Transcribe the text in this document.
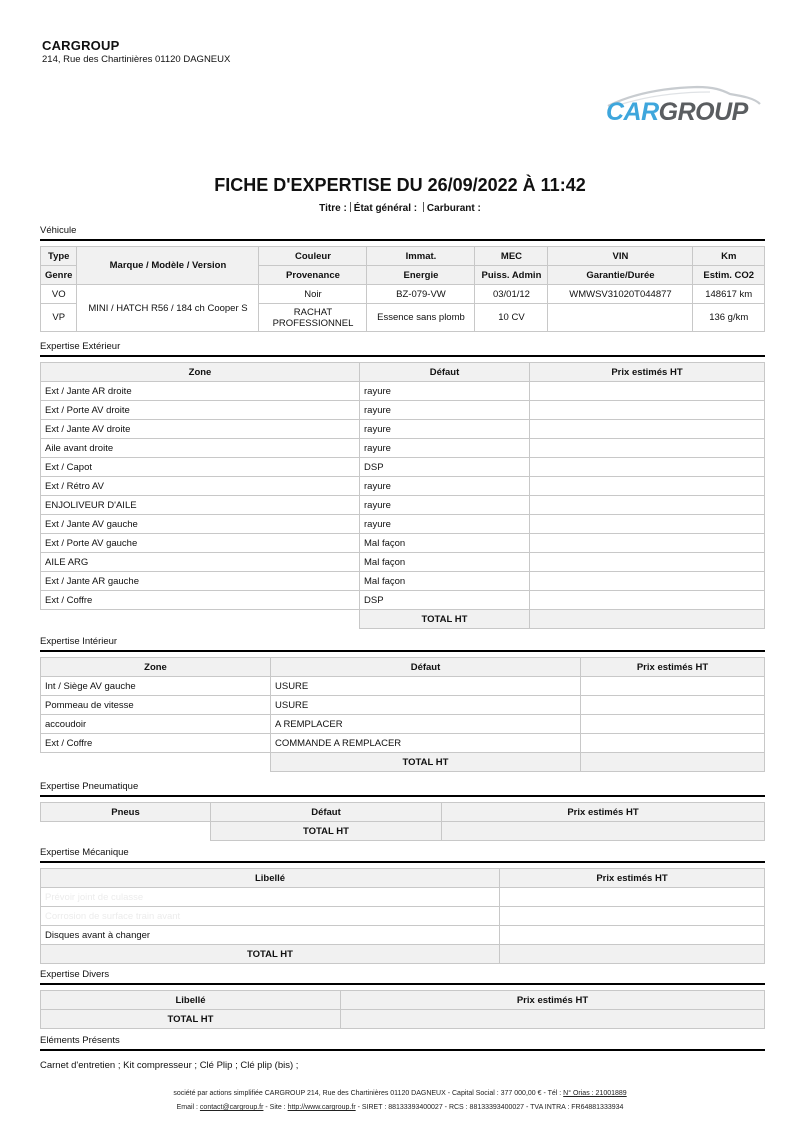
CARGROUP
214, Rue des Chartinières 01120 DAGNEUX
CARGROUP
FICHE D'EXPERTISE DU 26/09/2022 À 11:42
Titre : État général : Carburant :
Véhicule
Type	Marque / Modèle / Version	Couleur	Immat.	MEC	VIN	Km
Genre		Provenance	Energie	Puiss. Admin	Garantie/Durée	Estim. CO2
VO	MINI / HATCH R56 / 184 ch Cooper S	Noir	BZ-079-VW	03/01/12	WMWSV31020T044877	148617 km
VP		RACHAT PROFESSIONNEL	Essence sans plomb	10 CV		136 g/km
Expertise Extérieur
Zone	Défaut	Prix estimés HT
Ext / Jante AR droite	rayure	
Ext / Porte AV droite	rayure	
Ext / Jante AV droite	rayure	
Aile avant droite	rayure	
Ext / Capot	DSP	
Ext / Rétro AV	rayure	
ENJOLIVEUR D'AILE	rayure	
Ext / Jante AV gauche	rayure	
Ext / Porte AV gauche	Mal façon	
AILE ARG	Mal façon	
Ext / Jante AR gauche	Mal façon	
Ext / Coffre	DSP	
	TOTAL HT	
Expertise Intérieur
Zone	Défaut	Prix estimés HT
Int / Siège AV gauche	USURE	
Pommeau de vitesse	USURE	
accoudoir	A REMPLACER	
Ext / Coffre	COMMANDE A REMPLACER	
	TOTAL HT	
Expertise Pneumatique
Pneus	Défaut	Prix estimés HT
	TOTAL HT	
Expertise Mécanique
Libellé	Prix estimés HT
Prévoir joint de culasse	
Corrosion de surface train avant	
Disques avant à changer	
TOTAL HT	
Expertise Divers
Libellé	Prix estimés HT
TOTAL HT	
Eléments Présents
Carnet d'entretien ; Kit compresseur ; Clé Plip ; Clé plip (bis) ;
société par actions simplifiée CARGROUP 214, Rue des Chartinières 01120 DAGNEUX - Capital Social : 377 000,00 € - Tél : N° Orias : 21001889
Email : contact@cargroup.fr - Site : http://www.cargroup.fr - SIRET : 88133393400027 - RCS : 88133393400027 - TVA INTRA : FR64881333934
